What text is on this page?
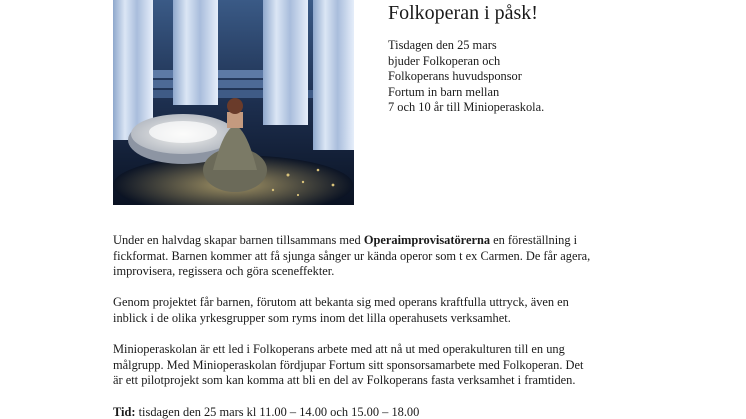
Folkoperan i påsk!
Tisdagen den 25 mars
bjuder Folkoperan och
Folkoperans huvudsponsor
Fortum in barn mellan
7 och 10 år till Minioperaskola.
Under en halvdag skapar barnen tillsammans med Operaimprovisatörerna en föreställning i
fickformat. Barnen kommer att få sjunga sånger ur kända operor som t ex Carmen. De får agera,
improvisera, regissera och göra sceneffekter.
Genom projektet får barnen, förutom att bekanta sig med operans kraftfulla uttryck, även en
inblick i de olika yrkesgrupper som ryms inom det lilla operahusets verksamhet.
Minioperaskolan är ett led i Folkoperans arbete med att nå ut med operakulturen till en ung
målgrupp. Med Minioperaskolan fördjupar Fortum sitt sponsorsamarbete med Folkoperan. Det
är ett pilotprojekt som kan komma att bli en del av Folkoperans fasta verksamhet i framtiden.
Tid: tisdagen den 25 mars kl 11.00 – 14.00 och 15.00 – 18.00
